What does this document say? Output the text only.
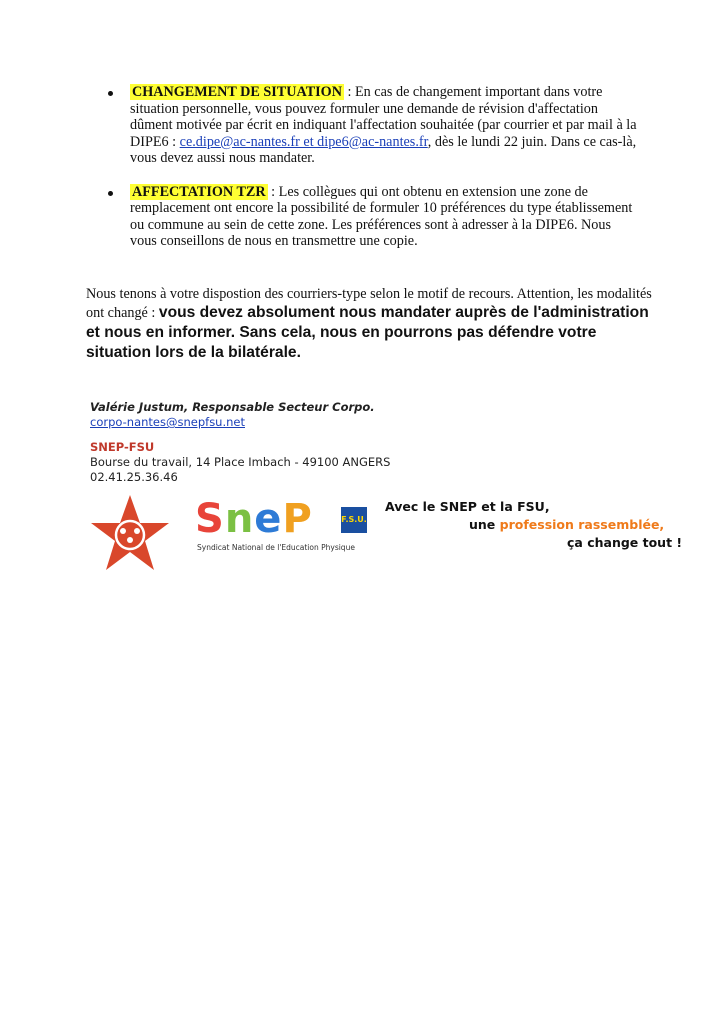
CHANGEMENT DE SITUATION : En cas de changement important dans votre situation personnelle, vous pouvez formuler une demande de révision d'affectation dûment motivée par écrit en indiquant l'affectation souhaitée (par courrier et par mail à la DIPE6 : ce.dipe@ac-nantes.fr et dipe6@ac-nantes.fr, dès le lundi 22 juin. Dans ce cas-là, vous devez aussi nous mandater.
AFFECTATION TZR : Les collègues qui ont obtenu en extension une zone de remplacement ont encore la possibilité de formuler 10 préférences du type établissement ou commune au sein de cette zone. Les préférences sont à adresser à la DIPE6. Nous vous conseillons de nous en transmettre une copie.

Nous tenons à votre dispostion des courriers-type selon le motif de recours. Attention, les modalités ont changé : vous devez absolument nous mandater auprès de l'administration et nous en informer. Sans cela, nous en pourrons pas défendre votre situation lors de la bilatérale.

Valérie Justum, Responsable Secteur Corpo.
corpo-nantes@snepfsu.net
SNEP-FSU
Bourse du travail, 14 Place Imbach - 49100 ANGERS
02.41.25.36.46
SneP	F.S.U.
Syndicat National de l'Education Physique
Avec le SNEP et la FSU,
une profession rassemblée,
ça change tout !
